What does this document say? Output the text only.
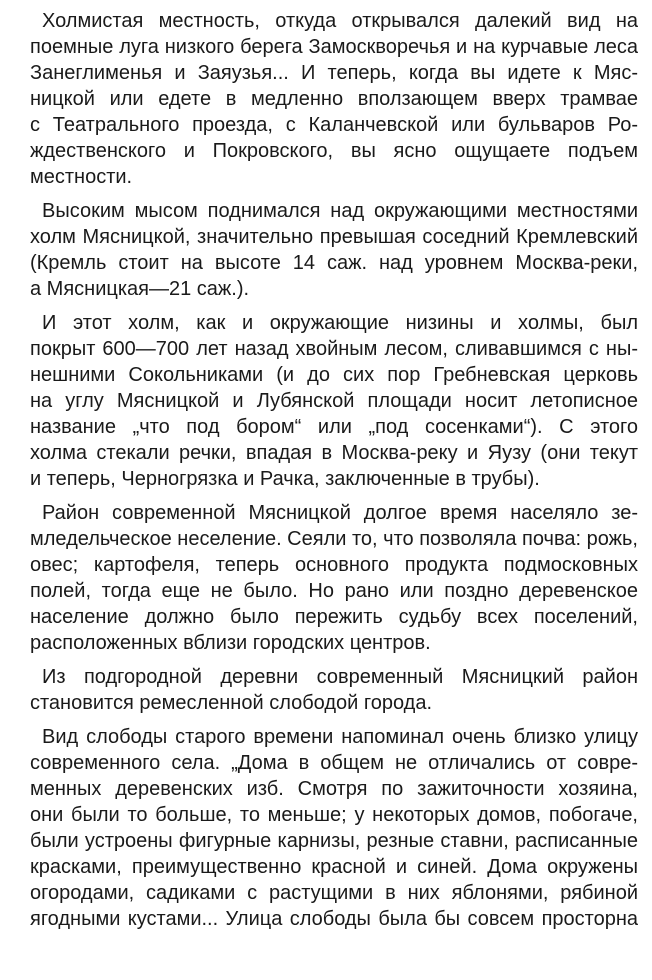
Холмистая местность, откуда открывался далекий вид на
поемные луга низкого берега Замоскворечья и на курчавые леса
Занеглименья и Заяузья... И теперь, когда вы идете к Мяс-
ницкой или едете в медленно вползающем вверх трамвае
с Театрального проезда, с Каланчевской или бульваров Ро-
ждественского и Покровского, вы ясно ощущаете подъем
местности.
Высоким мысом поднимался над окружающими местностями
холм Мясницкой, значительно превышая соседний Кремлевский
(Кремль стоит на высоте 14 саж. над уровнем Москва-реки,
а Мясницкая—21 саж.).
И этот холм, как и окружающие низины и холмы, был
покрыт 600—700 лет назад хвойным лесом, сливавшимся с ны-
нешними Сокольниками (и до сих пор Гребневская церковь
на углу Мясницкой и Лубянской площади носит летописное
название „что под бором“ или „под сосенками“). С этого
холма стекали речки, впадая в Москва-реку и Яузу (они текут
и теперь, Черногрязка и Рачка, заключенные в трубы).
Район современной Мясницкой долгое время населяло зе-
мледельческое неселение. Сеяли то, что позволяла почва: рожь,
овес; картофеля, теперь основного продукта подмосковных
полей, тогда еще не было. Но рано или поздно деревенское
население должно было пережить судьбу всех поселений,
расположенных вблизи городских центров.
Из подгородной деревни современный Мясницкий район
становится ремесленной слободой города.
Вид слободы старого времени напоминал очень близко улицу
современного села. „Дома в общем не отличались от совре-
менных деревенских изб. Смотря по зажиточности хозяина,
они были то больше, то меньше; у некоторых домов, побогаче,
были устроены фигурные карнизы, резные ставни, расписанные
красками, преимущественно красной и синей. Дома окружены
огородами, садиками с растущими в них яблонями, рябиной
ягодными кустами... Улица слободы была бы совсем просторна
